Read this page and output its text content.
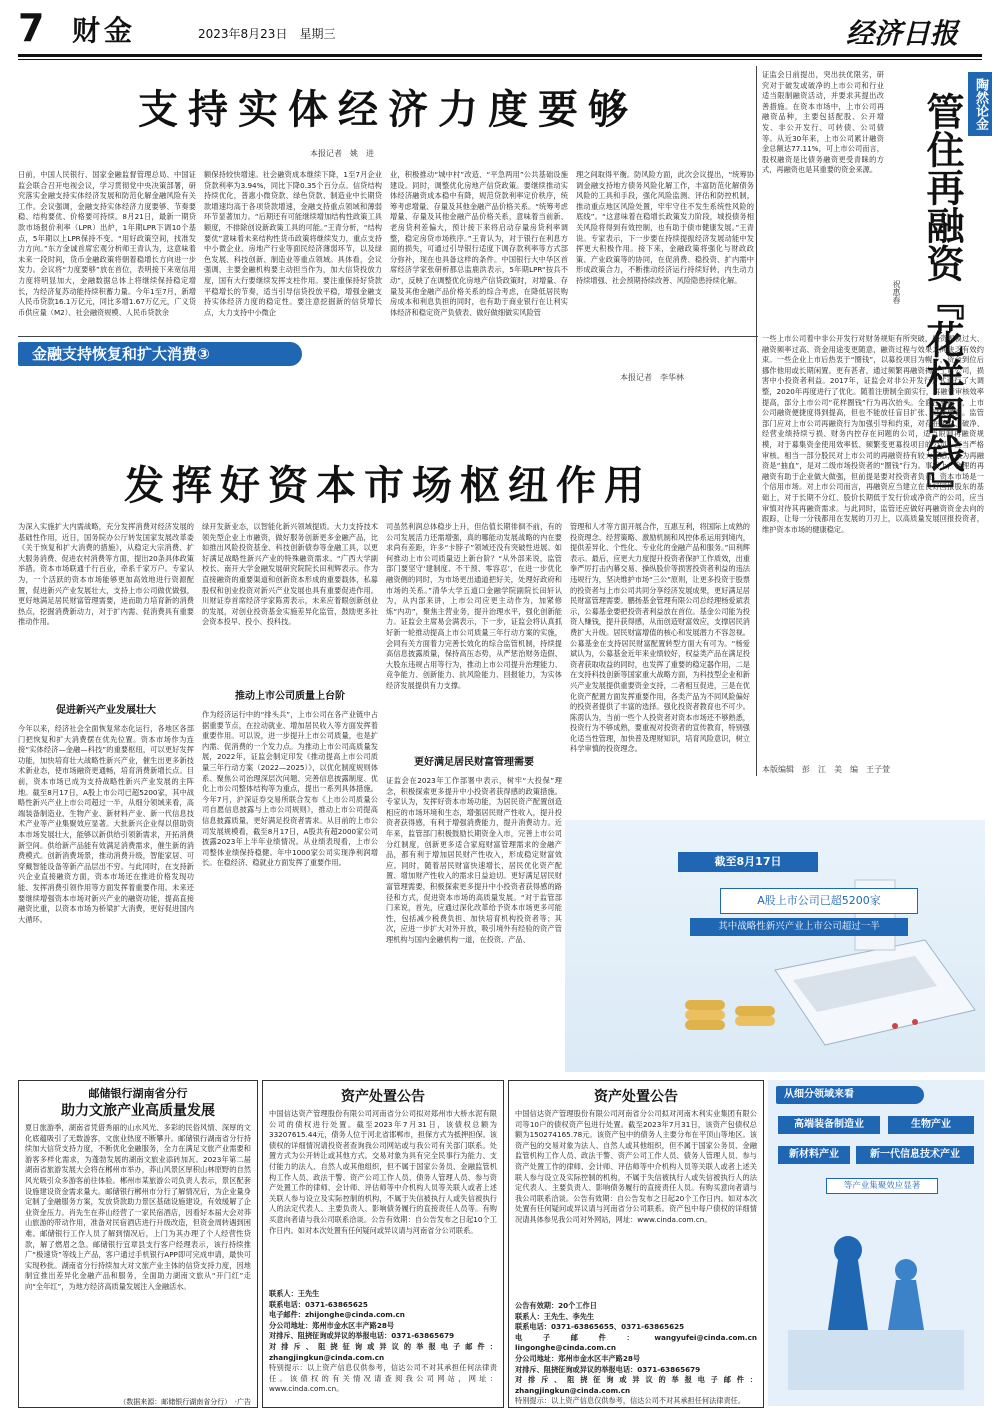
7 财金	2023年8月23日　星期三	经济日报
支持实体经济力度要够
本报记者　姚　进
日前，中国人民银行、国家金融监督管理总局、中国证监会联合召开电视会议，学习贯彻党中央决策部署，研究落实金融支持实体经济发展和防范化解金融风险有关工作。会议强调，金融支持实体经济力度要够、节奏要稳、结构要优、价格要可持续。8月21日，最新一期贷款市场报价利率（LPR）出炉，1年期LPR下调10个基点，5年期以上LPR保持不变。“用好政策空间，找准发力方向。”东方金诚首席宏观分析师王青认为，这意味着未来一段时间，货币金融政策将朝着稳增长方向进一步发力。会议将“力度要够”放在首位，表明接下来宽信用力度将明显加大，金融数据总体上将继续保持稳定增长，为经济复苏动能持续积蓄力量。今年1至7月，新增人民币贷款16.1万亿元，同比多增1.67万亿元，广义货币供应量（M2）、社会融资规模、人民币贷款余
额保持较快增速。社会融资成本继续下降，1至7月企业贷款利率为3.94%，同比下降0.35个百分点。信贷结构持续优化，普惠小微贷款、绿色贷款、制造业中长期贷款增速均高于各项贷款增速，金融支持重点领域和薄弱环节显著加力。“后期还有可能继续增加结构性政策工具额度，不排除创设新政策工具的可能。”王青分析，“结构要优”意味着未来结构性货币政策将继续发力，重点支持中小微企业、房地产行业等面民经济薄弱环节，以及绿色发展、科技创新、制造业等重点领域。具体看，会议强调，主要金融机构要主动担当作为，加大信贷投放力度，国有大行要继续发挥支柱作用。要注重保持好贷款平稳增长的节奏，适当引导信贷投放平稳，增强金融支持实体经济力度的稳定性。要注意挖掘新的信贷增长点，大力支持中小微企
业，积极推动“城中村”改造、“平急两用”公共基础设施建设。同时，调整优化房地产信贷政策。要继续推动实体经济融资成本稳中有降，规范贷款利率定价秩序，统筹考虑增量、存量及其他金融产品价格关系。“统筹考虑增量、存量及其他金融产品价格关系，意味着当前新、老房贷利差偏大，预计接下来将启动存量房贷利率调整，稳定房贷市场秩序。”王青认为，对于银行在利息方面的损失，可通过引导银行适度下调存款利率等方式部分弥补，现在也具备这样的条件。中国银行大中华区首席经济学家张研析都总监鹿洪表示，5年期LPR“按兵不动”，反映了在调整优化房地产信贷政策时，对增量、存量及其他金融产品价格关系的综合考虑，在降低居民购房成本和利息负担的同时，也有助于商业银行在让利实体经济和稳定资产负债表、做好做细做实风险管
理之间取得平衡。防风险方面，此次会议提出，“统筹协调金融支持地方债务风险化解工作，丰富防范化解债务风险的工具和手段，强化风险监测、评估和防控机制，推动重点地区风险处置，牢牢守住不发生系统性风险的底线”。“这意味着在稳增长政策发力阶段，城投债务相关风险将得到有效控制，也有助于债市健康发展。”王青说。专家表示，下一步要在持续提振经济发展动能中发挥更大积极作用。接下来，金融政策将强化与财政政策、产业政策等的协同，在促消费、稳投资、扩内需中形成政策合力，不断推动经济运行持续好转，内生动力持续增强、社会预期持续改善、风险隐患持续化解。
金融支持恢复和扩大消费③
本报记者　李华林
发挥好资本市场枢纽作用
为深入实施扩大内需战略，充分发挥消费对经济发展的基础性作用，近日，国务院办公厅转发国家发展改革委《关于恢复和扩大消费的措施》，从稳定大宗消费、扩大服务消费、促进农村消费等方面，提出20条具体政策举措。资本市场联通千行百业，牵系千家万户。专家认为，一个活跃的资本市场能够更加高效地进行资源配置，促进新兴产业发展壮大，支持上市公司做优做强，更好地满足居民财富管理需要，进而助力培育新的消费热点，挖掘消费新动力，对于扩内需、促消费具有重要推动作用。
促进新兴产业发展壮大
今年以来，经济社会全面恢复常态化运行，各地区各部门把恢复和扩大消费摆在优先位置。资本市场作为连接“实体经济—金融—科技”的重要枢纽，可以更好发挥功能，加快培育壮大战略性新兴产业，催生出更多新技术新业态，使市场融资更通畅，培育消费新增长点。目前，资本市场已成为支持战略性新兴产业发展的主阵地。截至8月17日，A股上市公司已超5200家，其中战略性新兴产业上市公司超过一半，从细分领域来看，高端装备制造业、生物产业、新材料产业、新一代信息技术产业等产业集聚效应显著。大批新兴企业得以借助资本市场发展壮大，能够以新供给引领新需求，开拓消费新空间。供给新产品能有效满足消费需求，催生新的消费模式。创新消费场景，推动消费升级，智能家居、可穿戴智能设备等新产品层出不穷。与此同时，在支持新兴企业直接融资方面，资本市场还在推进价格发现功能、发挥消费引领作用等方面发挥着重要作用。未来还要继续增强资本市场对新兴产业的融资功能，提高直接融资比重，以资本市场为桥梁扩大消费，更好促进国内大循环。
绿开发新业态，以智能化新兴领域提质。大力支持技术领先型企业上市融资，做好服务创新更多金融产品，比如推出风险投资基金、科技创新债券等金融工具，以更好满足战略性新兴产业的特殊融资需求。“广西大学副校长、南开大学金融发展研究院院长田利辉表示。作为直接融资的重要渠道和创新资本形成的重要载体，私募股权和创业投资对新兴产业发展也具有重要促进作用。川财证券首席经济学家陈雳表示，未来应着眼创新创业的发展，对创业投资基金实施差异化监管，鼓励更多社会资本投早、投小、投科技。
推动上市公司质量上台阶
作为经济运行中的“排头兵”，上市公司在各产业链中占据重要节点，在拉动就业、增加居民收入等方面发挥着重要作用。可以说，进一步提升上市公司质量，也是扩内需、促消费的一个发力点。为推动上市公司高质量发展，2022年，证监会制定印发《推动提高上市公司质量三年行动方案（2022—2025）》，以优化制度规则体系、聚焦公司治理深层次问题、完善信息披露制度、优化上市公司整体结构等为重点，提出一系列具体措施。今年7月，沪深证券交易所联合发布《上市公司质量公司自愿信息披露与上市公司规则》，推动上市公司提高信息披露质量，更好满足投资者需求。从目前的上市公司发展规模看，截至8月17日，A股共有超2000家公司披露2023年上半年业绩情况。从业绩表现看，上市公司整体业绩保持稳健。年中1000家公司实现净利润增长。在稳经济、稳就业方面发挥了重要作用。
司虽然利润总体稳步上升，但估值长期徘徊不前，有的公司发展活力还需增强，真的哪能动发展战略的内在要求尚有差距，许多“卡脖子”领域还没有突破性进展。如何推动上市公司质量迈上新台阶？“从外部来说，监管部门要坚守‘建制度、不干预、零容忍’，在进一步优化融资侧的同时，为市场更出通道把好关，处理好政府和市场的关系。”清华大学五道口金融学院副院长田轩认为，从内部来讲，上市公司应更主动作为，加紧修炼“内功”，聚焦主营业务，提升治理水平，强化创新能力。证监会主席易会满表示，下一步，证监会将认真抓好新一轮推动提高上市公司质量三年行动方案的实施，会同有关方面着力完善长效化的综合监管机制，持续提高信息披露质量，保持高压态势，从严惩治财务造假、大股东违规占用等行为，推动上市公司提升治理能力、竞争能力、创新能力、抗风险能力、回报能力，为实体经济发展提供有力支撑。
更好满足居民财富管理需要
证监会在2023年工作部署中表示，树牢“大投保”理念，积极探索更多提升中小投资者获得感的政策措施。专家认为，发挥好资本市场功能，为居民资产配置创造相应的市场环境和生态，增强居民财产性收入，提升投资者获得感，有利于增强消费能力，提升消费动力。近年来，监管部门积极鼓励长期资金入市，完善上市公司分红制度，创新更多适合家庭财富管理需求的金融产品，都有利于增加居民财产性收入，形成稳定财富效应。同时，随着居民财富快速增长，居民优化资产配置、增加财产性收入的需求日益迫切。更好满足居民财富管理需要，积极探索更多提升中小投资者获得感的路径和方式，促进资本市场的高质量发展。“对于监管部门来说，首先，应通过深化改革给予资本市场更多可能性，包括减少税费负担、加快培育机构投资者等；其次，应进一步扩大对外开放，吸引境外有经验的资产管理机构与国内金融机构一道，在投资、产品、
管理和人才等方面开展合作，互惠互利，将国际上成熟的投资理念、经营策略、激励机制和风控体系运用到境内，提供差异化、个性化、专业化的金融产品和服务。”田利辉表示。最后，应更大力度提升投资者保护工作质效，出重拳严厉打击内幕交易、操纵股价等损害投资者利益的违法违规行为，坚决维护市场“三公”原则，让更多投资于股票的投资者与上市公司共同分享经济发展成果，更好满足居民财富管理需要。鹏扬基金管理有限公司总经理杨爱斌表示，公募基金要把投资者利益放在首位。基金公司能为投资人赚钱，提升获得感，从而创造财富效应，支撑居民消费扩大升级。居民财富增值的核心和发展潜力不容忽视。公募基金在支持居民财富配置转型方面大有可为。“杨爱斌认为，公募基金近年来业绩较好，权益类产品在满足投资者获取收益的同时，也发挥了重要的稳定器作用，二是在支持科技创新等国家重大战略方面，为科技型企业和新兴产业发展提供重要资金支持，二者相互促进，三是在优化资产配置方面发挥重要作用，各类产品为不同风险偏好的投资者提供了丰富的选择。强化投资者教育也不可少。陈雳认为，当前一些个人投资者对资本市场还不够熟悉，投资行为不够成熟，要重视对投资者的宣传教育，特别强化适当性管理，加快普及理财知识，培育风险意识，树立科学审慎的投资理念。
陶然论金
管住再融资『花样圈钱』
祝惠春
证监会日前提出，突出扶优限劣，研究对于破发或破净的上市公司和行业适当限制融资活动，并要求其提出改善措施。在资本市场中，上市公司再融资品种，主要包括配股、公开增发、非公开发行、可转债、公司债等。从近30年来，上市公司累计融资金总额达77.11%，可上市公司而言，股权融资是比债务融资更受青睐的方式，再融资也是其重要的资金来源。
一些上市公司着中非公开发行对财务规矩有所突破，融资规模过大、融资频率过高、资金用途变更随意，融资过程与效果之间缺乏有效约束。一些企业上市后热衷于“圈钱”，以募投项目为幌子，资金到位后挪作他用或长期闲置。更有甚者，通过频繁再融资掏空上市公司，损害中小投资者利益。2017年，证监会对非公开发行方式进行了大调整，2020年再度进行了优化。随着注册制全面实行，再融资审核效率提高，部分上市公司“花样圈钱”行为再次抬头。全面注册制下，上市公司融资便捷度得到提高，但也不能放任盲目扩张、过度融资。监管部门应对上市公司再融资行为加强引导和约束，对存在破发、破净、经营业绩持续亏损、财务内控存在问题的公司，适当限制再融资规模，对于募集资金使用效率低、频繁变更募投项目的公司，应当严格审核。相当一部分股民对上市公司的再融资持有较大反感，认为再融资是“抽血”，是对二级市场投资者的“圈钱”行为。事实上，合理的再融资有助于企业做大做强，但前提是要对投资者负责。资本市场是一个信用市场。对上市公司而言，再融资应当建立在良好回报股东的基础上，对于长期不分红、股价长期低于发行价或净资产的公司，应当审慎对待其再融资需求。与此同时，监管还应做好再融资资金去向的跟踪，让每一分钱都用在发展的刀刃上，以高质量发展回报投资者，维护资本市场的健康稳定。
本版编辑　彭　江　美　编　王子萱
截至8月17日
A股上市公司已超5200家
其中战略性新兴产业上市公司超过一半
邮储银行湖南省分行
助力文旅产业高质量发展
夏日旅游季，湖南省凭借秀丽的山水风光、多彩的民俗风情、深厚的文化底蕴吸引了无数游客，文旅业热度不断攀升。邮储银行湖南省分行持续加大信贷支持力度，不断优化金融服务，全力在满足文旅产业需要和游客多样化需求，为蓬勃发展的湖南文旅业添砖加瓦。2023年第二届湖南省旅游发展大会将在郴州市举办，莽山风景区厚积山林原野的自然风光吸引众多游客前往体验。郴州市某旅游公司负责人表示，景区配套设施建设资金需求量大。邮储银行郴州市分行了解情况后，为企业量身定制了金融服务方案，发放贷款助力景区基础设施建设，有效缓解了企业资金压力。肖先生在莽山经营了一家民宿酒店，因看好本届大会对莽山旅游的带动作用，准备对民宿酒店进行升级改造，但资金周转遇到困难。邮储银行工作人员了解到情况后，上门为其办理了个人经营性贷款，解了燃眉之急。邮储银行宜章县支行客户经理表示，该行持续推广“极速贷”等线上产品，客户通过手机银行APP即可完成申请，最快可实现秒批。湖南省分行持续加大对文旅产业主体的信贷支持力度，因地制宜推出差异化金融产品和服务，全面助力湖南文旅从“开门红”走向“全年红”，为地方经济高质量发展注入金融活水。
（数据来源：邮储银行湖南省分行）　·广告
资产处置公告
中国信达资产管理股份有限公司河南省分公司拟对郑州市大桥水泥有限公司的债权进行处置。截至2023年7月31日，该债权总额为33207615.44元，债务人位于河北省邯郸市，担保方式为抵押担保。该债权的详细情况请投资者查询我公司网站或与我公司有关部门联系。处置方式为公开转让或其他方式。交易对象为具有完全民事行为能力、支付能力的法人、自然人或其他组织，但不属于国家公务员、金融监管机构工作人员、政法干警、资产公司工作人员、债务人管理人员、参与资产处置工作的律师、会计师、评估师等中介机构人员等关联人或者上述关联人参与设立及实际控制的机构，不属于失信被执行人或失信被执行人的法定代表人、主要负责人、影响债务履行的直接责任人员等。有购买意向者请与我公司联系洽谈。公告有效期：自公告发布之日起10个工作日内。如对本次处置有任何疑问或异议请与河南省分公司联系。
联系人：王先生
联系电话：0371-63865625
电子邮件：zhijonghe@cinda.com.cn
分公司地址：郑州市金水区丰产路28号
对排斥、阻挠征询或异议的举报电话：0371-63865679
对排斥、阻挠征询或异议的举报电子邮件：zhangjingkun@cinda.com.cn
特别提示：以上资产信息仅供参考，信达公司不对其承担任何法律责任。该债权的有关情况请查阅我公司网站，网址：www.cinda.com.cn。
资产处置公告
中国信达资产管理股份有限公司河南省分公司拟对河南木利实业集团有限公司等10户的债权资产包进行处置。截至2023年7月31日，该资产包债权总额为150274165.78元。该资产包中的债务人主要分布在平顶山等地区。该资产包的交易对象为法人、自然人或其他组织，但不属于国家公务员、金融监管机构工作人员、政法干警、资产公司工作人员、债务人管理人员、参与资产处置工作的律师、会计师、评估师等中介机构人员等关联人或者上述关联人参与设立及实际控制的机构，不属于失信被执行人或失信被执行人的法定代表人、主要负责人、影响债务履行的直接责任人员。有购买意向者请与我公司联系洽谈。公告有效期：自公告发布之日起20个工作日内。如对本次处置有任何疑问或异议请与河南省分公司联系。资产包中每户债权的详细情况请具体参见我公司对外网站，网址：www.cinda.com.cn。
公告有效期：20个工作日
联系人：王先生、李先生
联系电话：0371-63865655、0371-63865625
电子邮件：wangyufei@cinda.com.cn　lingonghe@cinda.com.cn
分公司地址：郑州市金水区丰产路28号
对排斥、阻挠征询或异议的举报电话：0371-63865679
对排斥、阻挠征询或异议的举报电子邮件：zhangjingkun@cinda.com.cn
特别提示：以上资产信息仅供参考，信达公司不对其承担任何法律责任。
从细分领域来看
高端装备制造业	生物产业
新材料产业	新一代信息技术产业
等产业集聚效应显著
